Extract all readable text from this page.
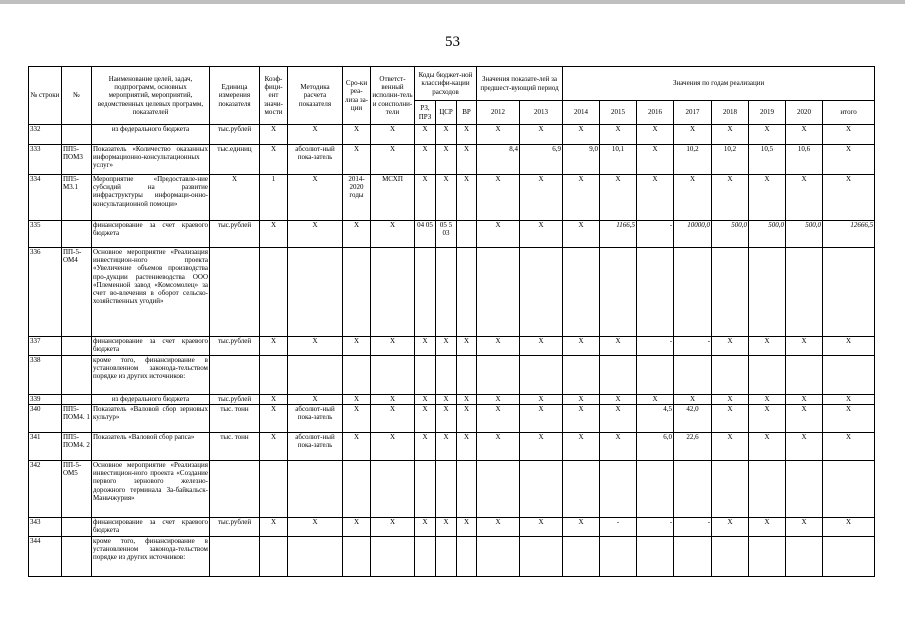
53
№ строки	№	Наименование целей, задач, подпрограмм, основных мероприятий, мероприятий, ведомственных целевых программ, показателей	Единица измерения показателя	Коэф-фици-ент значи-мости	Методика расчета показателя	Сро-ки реа-лиза за-ции	Ответст-венный исполни-тель и соисполни-тели	Коды бюджет-ной классифи-кации расходов			Значения показате-лей за предшест-вующий период		Значения по годам реализации							
								РЗ, ПРЗ	ЦСР	ВР	2012	2013	2014	2015	2016	2017	2018	2019	2020	итого
332		из федерального бюджета	тыс.рублей	X	X	X	X	X	X	X	X	X	X	X	X	X	X	X	X	X
333	ПП5-ПОМ3	Показатель «Количество оказанных информационно-консультационных услуг»	тыс.единиц	X	абсолют-ный пока-затель	X	X	X	X	X	8,4	6,9	9,0	10,1	X	10,2	10,2	10,5	10,6	X
334	ПП5-М3.1	Мероприятие «Предоставле-ние субсидий на развитие инфраструктуры информаци-онно-консультационной помощи»	X	1	X	2014-2020 годы	МСХП	X	X	X	X	X	X	X	X	X	X	X	X	X
335		финансирование за счет краевого бюджета	тыс.рублей	X	X	X	X	04 05	05 5 03		X	X	X	1166,5	-	10000,0	500,0	500,0	500,0	12666,5
336	ПП-5-ОМ4	Основное мероприятие «Реализация инвестицион-ного проекта «Увеличение объемов производства про-дукции растениеводства ООО «Племенной завод «Комсомолец» за счет во-влечения в оборот сельско-хозяйственных угодий»																		
337		финансирование за счет краевого бюджета	тыс.рублей	X	X	X	X	X	X	X	X	X	X	X	-	-	X	X	X	X
338		кроме того, финансирование в установленном законода-тельством порядке из других источников:																		
339		из федерального бюджета	тыс.рублей	X	X	X	X	X	X	X	X	X	X	X	X	X	X	X	X	X
340	ПП5-ПОМ4. 1	Показатель «Валовой сбор зерновых культур»	тыс. тонн	X	абсолют-ный пока-затель	X	X	X	X	X	X	X	X	X	4,5	42,0	X	X	X	X
341	ПП5-ПОМ4. 2	Показатель «Валовой сбор рапса»	тыс. тонн	X	абсолют-ный пока-затель	X	X	X	X	X	X	X	X	X	6,0	22,6	X	X	X	X
342	ПП-5-ОМ5	Основное мероприятие «Реализация инвестицион-ного проекта «Создание первого зернового железно-дорожного терминала За-байкальск-Маньчжурия»																		
343		финансирование за счет краевого бюджета	тыс.рублей	X	X	X	X	X	X	X	X	X	X	-	-	-	X	X	X	X
344		кроме того, финансирование в установленном законода-тельством порядке из других источников:																		
